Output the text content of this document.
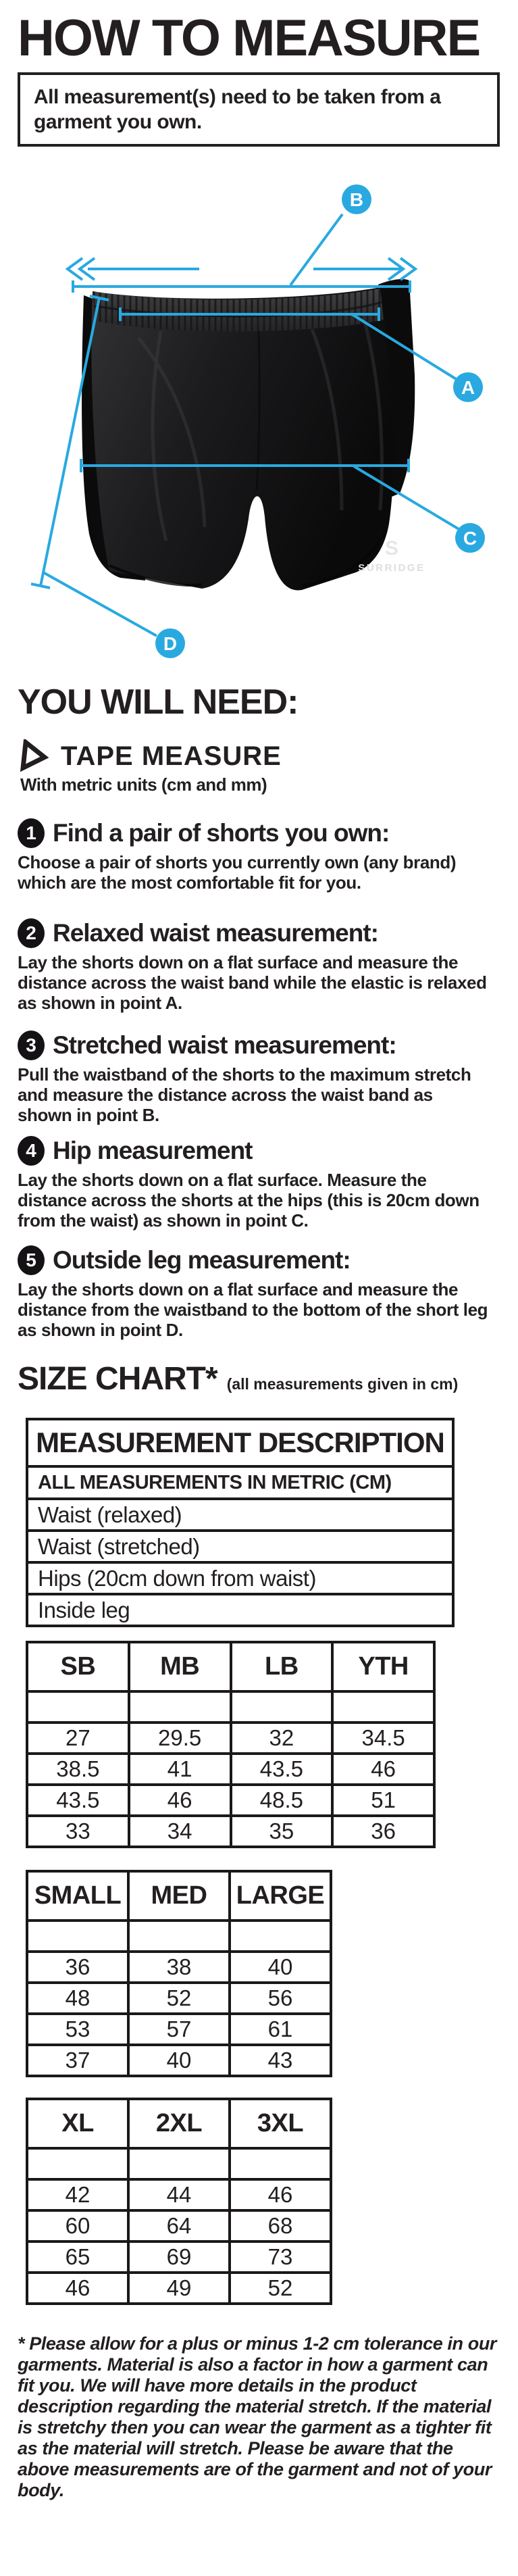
HOW TO MEASURE
All measurement(s) need to be taken from a garment you own.
S
SURRIDGE
B
A
C
D
YOU WILL NEED:
TAPE MEASURE
With metric units (cm and mm)
1 Find a pair of shorts you own:
Choose a pair of shorts you currently own (any brand) which are the most comfortable fit for you.
2 Relaxed waist measurement:
Lay the shorts down on a flat surface and measure the distance across the waist band while the elastic is relaxed as shown in point A.
3 Stretched waist measurement:
Pull the waistband of the shorts to the maximum stretch and measure the distance across the waist band as shown in point B.
4 Hip measurement
Lay the shorts down on a flat surface. Measure the distance across the shorts at the hips (this is 20cm down from the waist) as shown in point C.
5 Outside leg measurement:
Lay the shorts down on a flat surface and measure the distance from the waistband to the bottom of the short leg as shown in point D.
SIZE CHART* (all measurements given in cm)
MEASUREMENT DESCRIPTION
ALL MEASUREMENTS IN METRIC (CM)
Waist (relaxed)
Waist (stretched)
Hips (20cm down from waist)
Inside leg
SB	MB	LB	YTH

27	29.5	32	34.5
38.5	41	43.5	46
43.5	46	48.5	51
33	34	35	36
SMALL	MED	LARGE

36	38	40
48	52	56
53	57	61
37	40	43
XL	2XL	3XL

42	44	46
60	64	68
65	69	73
46	49	52

* Please allow for a plus or minus 1-2 cm tolerance in our garments. Material is also a factor in how a garment can fit you. We will have more details in the product description regarding the material stretch. If the material is stretchy then you can wear the garment as a tighter fit as the material will stretch. Please be aware that the above measurements are of the garment and not of your body.
